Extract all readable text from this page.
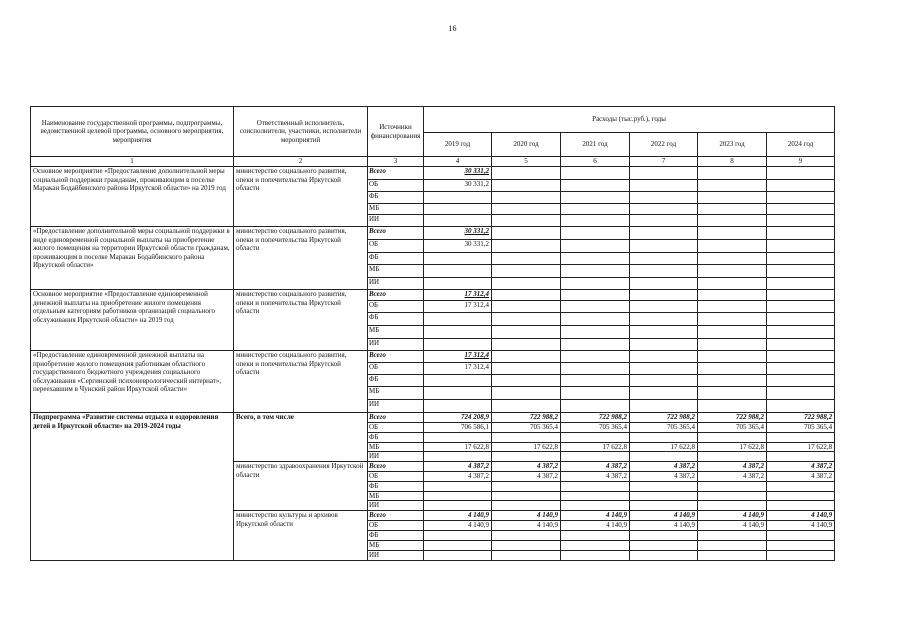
16
Наименование государственной программы, подпрограммы, ведомственной целевой программы, основного мероприятия, мероприятия	Ответственный исполнитель, соисполнители, участники, исполнители мероприятий	Источники финансирования	Расходы (тыс.руб.), годы					
			2019 год	2020 год	2021 год	2022 год	2023 год	2024 год
1	2	3	4	5	6	7	8	9
Основное мероприятие «Предоставление дополнительной меры социальной поддержки гражданам, проживающим в поселке Маракан Бодайбинского района Иркутской области» на 2019 год	министерство социального развития, опеки и попечительства Иркутской области	Всего	30 331,2					
		ОБ	30 331,2					
		ФБ						
		МБ						
		ИИ						
«Предоставление дополнительной меры социальной поддержки в виде единовременной социальной выплаты на приобретение жилого помещения на территории Иркутской области гражданам, проживающим в поселке Маракан Бодайбинского района Иркутской области»	министерство социального развития, опеки и попечительства Иркутской области	Всего	30 331,2					
		ОБ	30 331,2					
		ФБ						
		МБ						
		ИИ						
Основное мероприятие «Предоставление единовременной денежной выплаты на приобретение жилого помещения отдельным категориям работников организаций социального обслуживания Иркутской области» на 2019 год	министерство социального развития, опеки и попечительства Иркутской области	Всего	17 312,4					
		ОБ	17 312,4					
		ФБ						
		МБ						
		ИИ						
«Предоставление единовременной денежной выплаты на приобретение жилого помещения работникам областного государственного бюджетного учреждения социального обслуживания «Сергинский психоневрологический интернат», переехавшим в Чунский район Иркутской области»	министерство социального развития, опеки и попечительства Иркутской области	Всего	17 312,4					
		ОБ	17 312,4					
		ФБ						
		МБ						
		ИИ						
Подпрограмма «Развитие системы отдыха и оздоровления детей в Иркутской области» на 2019-2024 годы	Всего, в том числе	Всего	724 208,9	722 988,2	722 988,2	722 988,2	722 988,2	722 988,2
		ОБ	706 586,1	705 365,4	705 365,4	705 365,4	705 365,4	705 365,4
		ФБ						
		МБ	17 622,8	17 622,8	17 622,8	17 622,8	17 622,8	17 622,8
		ИИ						
	министерство здравоохранения Иркутской области	Всего	4 387,2	4 387,2	4 387,2	4 387,2	4 387,2	4 387,2
		ОБ	4 387,2	4 387,2	4 387,2	4 387,2	4 387,2	4 387,2
		ФБ						
		МБ						
		ИИ						
	министерство культуры и архивов Иркутской области	Всего	4 140,9	4 140,9	4 140,9	4 140,9	4 140,9	4 140,9
		ОБ	4 140,9	4 140,9	4 140,9	4 140,9	4 140,9	4 140,9
		ФБ						
		МБ						
		ИИ						
